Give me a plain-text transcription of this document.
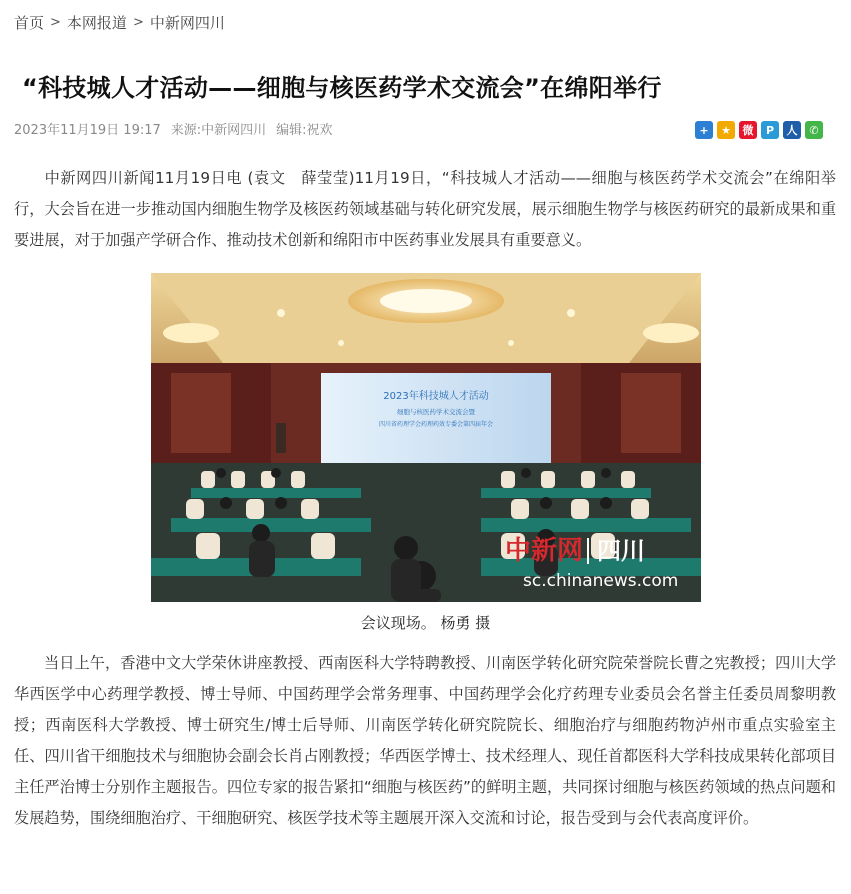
首页 > 本网报道 > 中新网四川
“科技城人才活动——细胞与核医药学术交流会”在绵阳举行
2023年11月19日 19:17 来源:中新网四川 编辑:祝欢	+	★	微	P	人	✆

中新网四川新闻11月19日电 (袁文　薛莹莹)11月19日，“科技城人才活动——细胞与核医药学术交流会”在绵阳举行，大会旨在进一步推动国内细胞生物学及核医药领域基础与转化研究发展，展示细胞生物学与核医药研究的最新成果和重要进展，对于加强产学研合作、推动技术创新和绵阳市中医药事业发展具有重要意义。

2023年科技城人才活动
细胞与核医药学术交流会暨
四川省药理学会药理药效专委会第四届年会
中新网 四川
sc.chinanews.com
会议现场。 杨勇 摄

当日上午，香港中文大学荣休讲座教授、西南医科大学特聘教授、川南医学转化研究院荣誉院长曹之宪教授；四川大学华西医学中心药理学教授、博士导师、中国药理学会常务理事、中国药理学会化疗药理专业委员会名誉主任委员周黎明教授；西南医科大学教授、博士研究生/博士后导师、川南医学转化研究院院长、细胞治疗与细胞药物泸州市重点实验室主任、四川省干细胞技术与细胞协会副会长肖占刚教授；华西医学博士、技术经理人、现任首都医科大学科技成果转化部项目主任严治博士分别作主题报告。四位专家的报告紧扣“细胞与核医药”的鲜明主题，共同探讨细胞与核医药领域的热点问题和发展趋势，围绕细胞治疗、干细胞研究、核医学技术等主题展开深入交流和讨论，报告受到与会代表高度评价。
